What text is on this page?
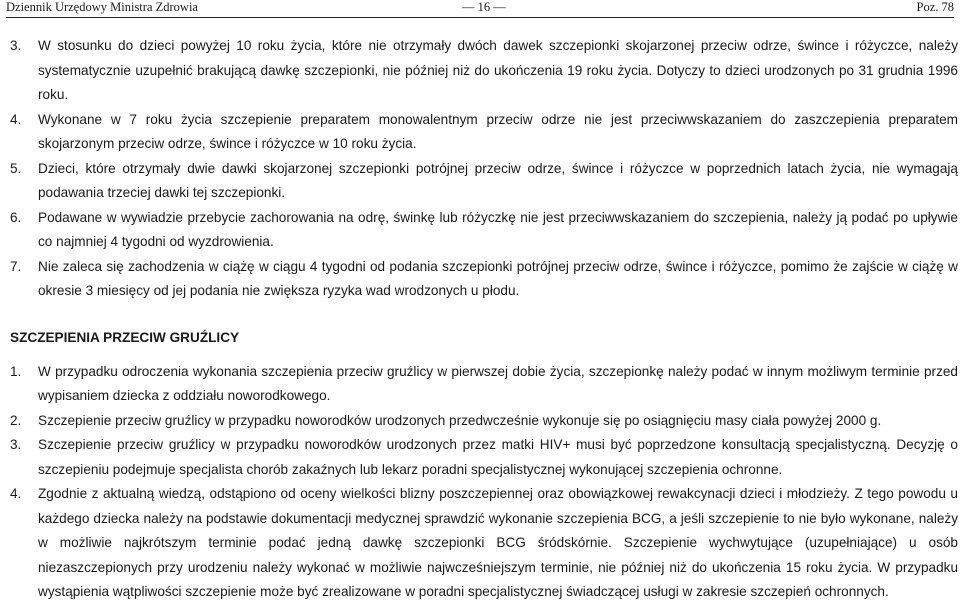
Dziennik Urzędowy Ministra Zdrowia	— 16 —	Poz. 78
3.	W stosunku do dzieci powyżej 10 roku życia, które nie otrzymały dwóch dawek szczepionki skojarzonej przeciw odrze, śwince i różyczce, należy systematycznie uzupełnić brakującą dawkę szczepionki, nie później niż do ukończenia 19 roku życia. Dotyczy to dzieci urodzonych po 31 grudnia 1996 roku.
4.	Wykonane w 7 roku życia szczepienie preparatem monowalentnym przeciw odrze nie jest przeciwwskazaniem do zaszczepienia preparatem skojarzonym przeciw odrze, śwince i różyczce w 10 roku życia.
5.	Dzieci, które otrzymały dwie dawki skojarzonej szczepionki potrójnej przeciw odrze, śwince i różyczce w poprzednich latach życia, nie wymagają podawania trzeciej dawki tej szczepionki.
6.	Podawane w wywiadzie przebycie zachorowania na odrę, świnkę lub różyczkę nie jest przeciwwskazaniem do szczepienia, należy ją podać po upływie co najmniej 4 tygodni od wyzdrowienia.
7.	Nie zaleca się zachodzenia w ciążę w ciągu 4 tygodni od podania szczepionki potrójnej przeciw odrze, śwince i różyczce, pomimo że zajście w ciążę w okresie 3 miesięcy od jej podania nie zwiększa ryzyka wad wrodzonych u płodu.
SZCZEPIENIA PRZECIW GRUŹLICY
1.	W przypadku odroczenia wykonania szczepienia przeciw gruźlicy w pierwszej dobie życia, szczepionkę należy podać w innym możliwym terminie przed wypisaniem dziecka z oddziału noworodkowego.
2.	Szczepienie przeciw gruźlicy w przypadku noworodków urodzonych przedwcześnie wykonuje się po osiągnięciu masy ciała powyżej 2000 g.
3.	Szczepienie przeciw gruźlicy w przypadku noworodków urodzonych przez matki HIV+ musi być poprzedzone konsultacją specjalistyczną. Decyzję o szczepieniu podejmuje specjalista chorób zakaźnych lub lekarz poradni specjalistycznej wykonującej szczepienia ochronne.
4.	Zgodnie z aktualną wiedzą, odstąpiono od oceny wielkości blizny poszczepiennej oraz obowiązkowej rewakcynacji dzieci i młodzieży. Z tego powodu u każdego dziecka należy na podstawie dokumentacji medycznej sprawdzić wykonanie szczepienia BCG, a jeśli szczepienie to nie było wykonane, należy w możliwie najkrótszym terminie podać jedną dawkę szczepionki BCG śródskórnie. Szczepienie wychwytujące (uzupełniające) u osób niezaszczepionych przy urodzeniu należy wykonać w możliwie najwcześniejszym terminie, nie później niż do ukończenia 15 roku życia. W przypadku wystąpienia wątpliwości szczepienie może być zrealizowane w poradni specjalistycznej świadczącej usługi w zakresie szczepień ochronnych.
